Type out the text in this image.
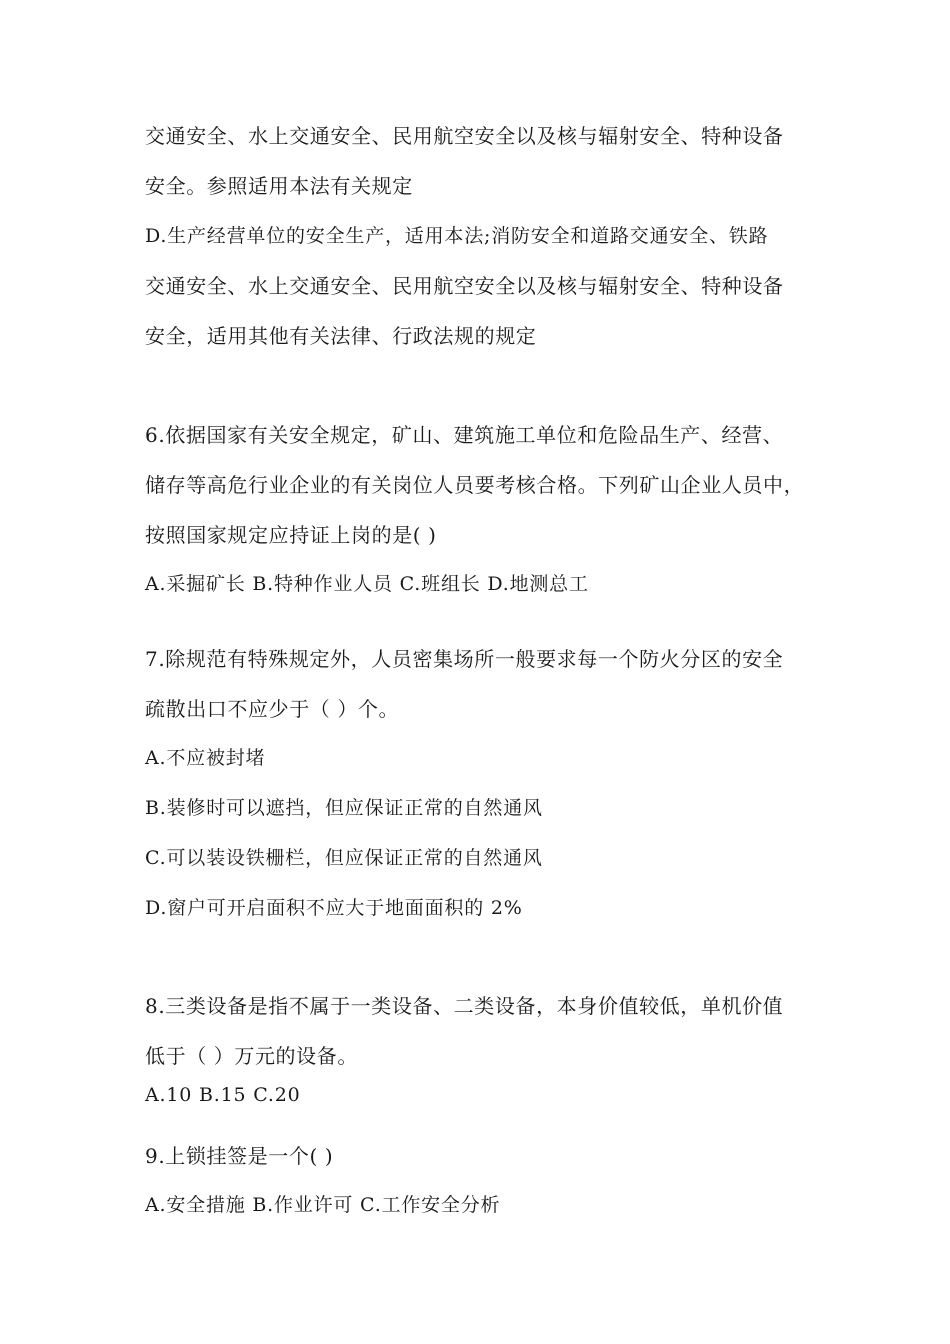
交通安全、水上交通安全、民用航空安全以及核与辐射安全、特种设备
安全。参照适用本法有关规定
D.生产经营单位的安全生产，适用本法;消防安全和道路交通安全、铁路
交通安全、水上交通安全、民用航空安全以及核与辐射安全、特种设备
安全，适用其他有关法律、行政法规的规定
6.依据国家有关安全规定，矿山、建筑施工单位和危险品生产、经营、
储存等高危行业企业的有关岗位人员要考核合格。下列矿山企业人员中，
按照国家规定应持证上岗的是( )
A.采掘矿长 B.特种作业人员 C.班组长 D.地测总工
7.除规范有特殊规定外，人员密集场所一般要求每一个防火分区的安全
疏散出口不应少于（ ）个。
A.不应被封堵
B.装修时可以遮挡，但应保证正常的自然通风
C.可以装设铁栅栏，但应保证正常的自然通风
D.窗户可开启面积不应大于地面面积的 2%
8.三类设备是指不属于一类设备、二类设备，本身价值较低，单机价值
低于（ ）万元的设备。
A.10 B.15 C.20
9.上锁挂签是一个( )
A.安全措施 B.作业许可 C.工作安全分析
